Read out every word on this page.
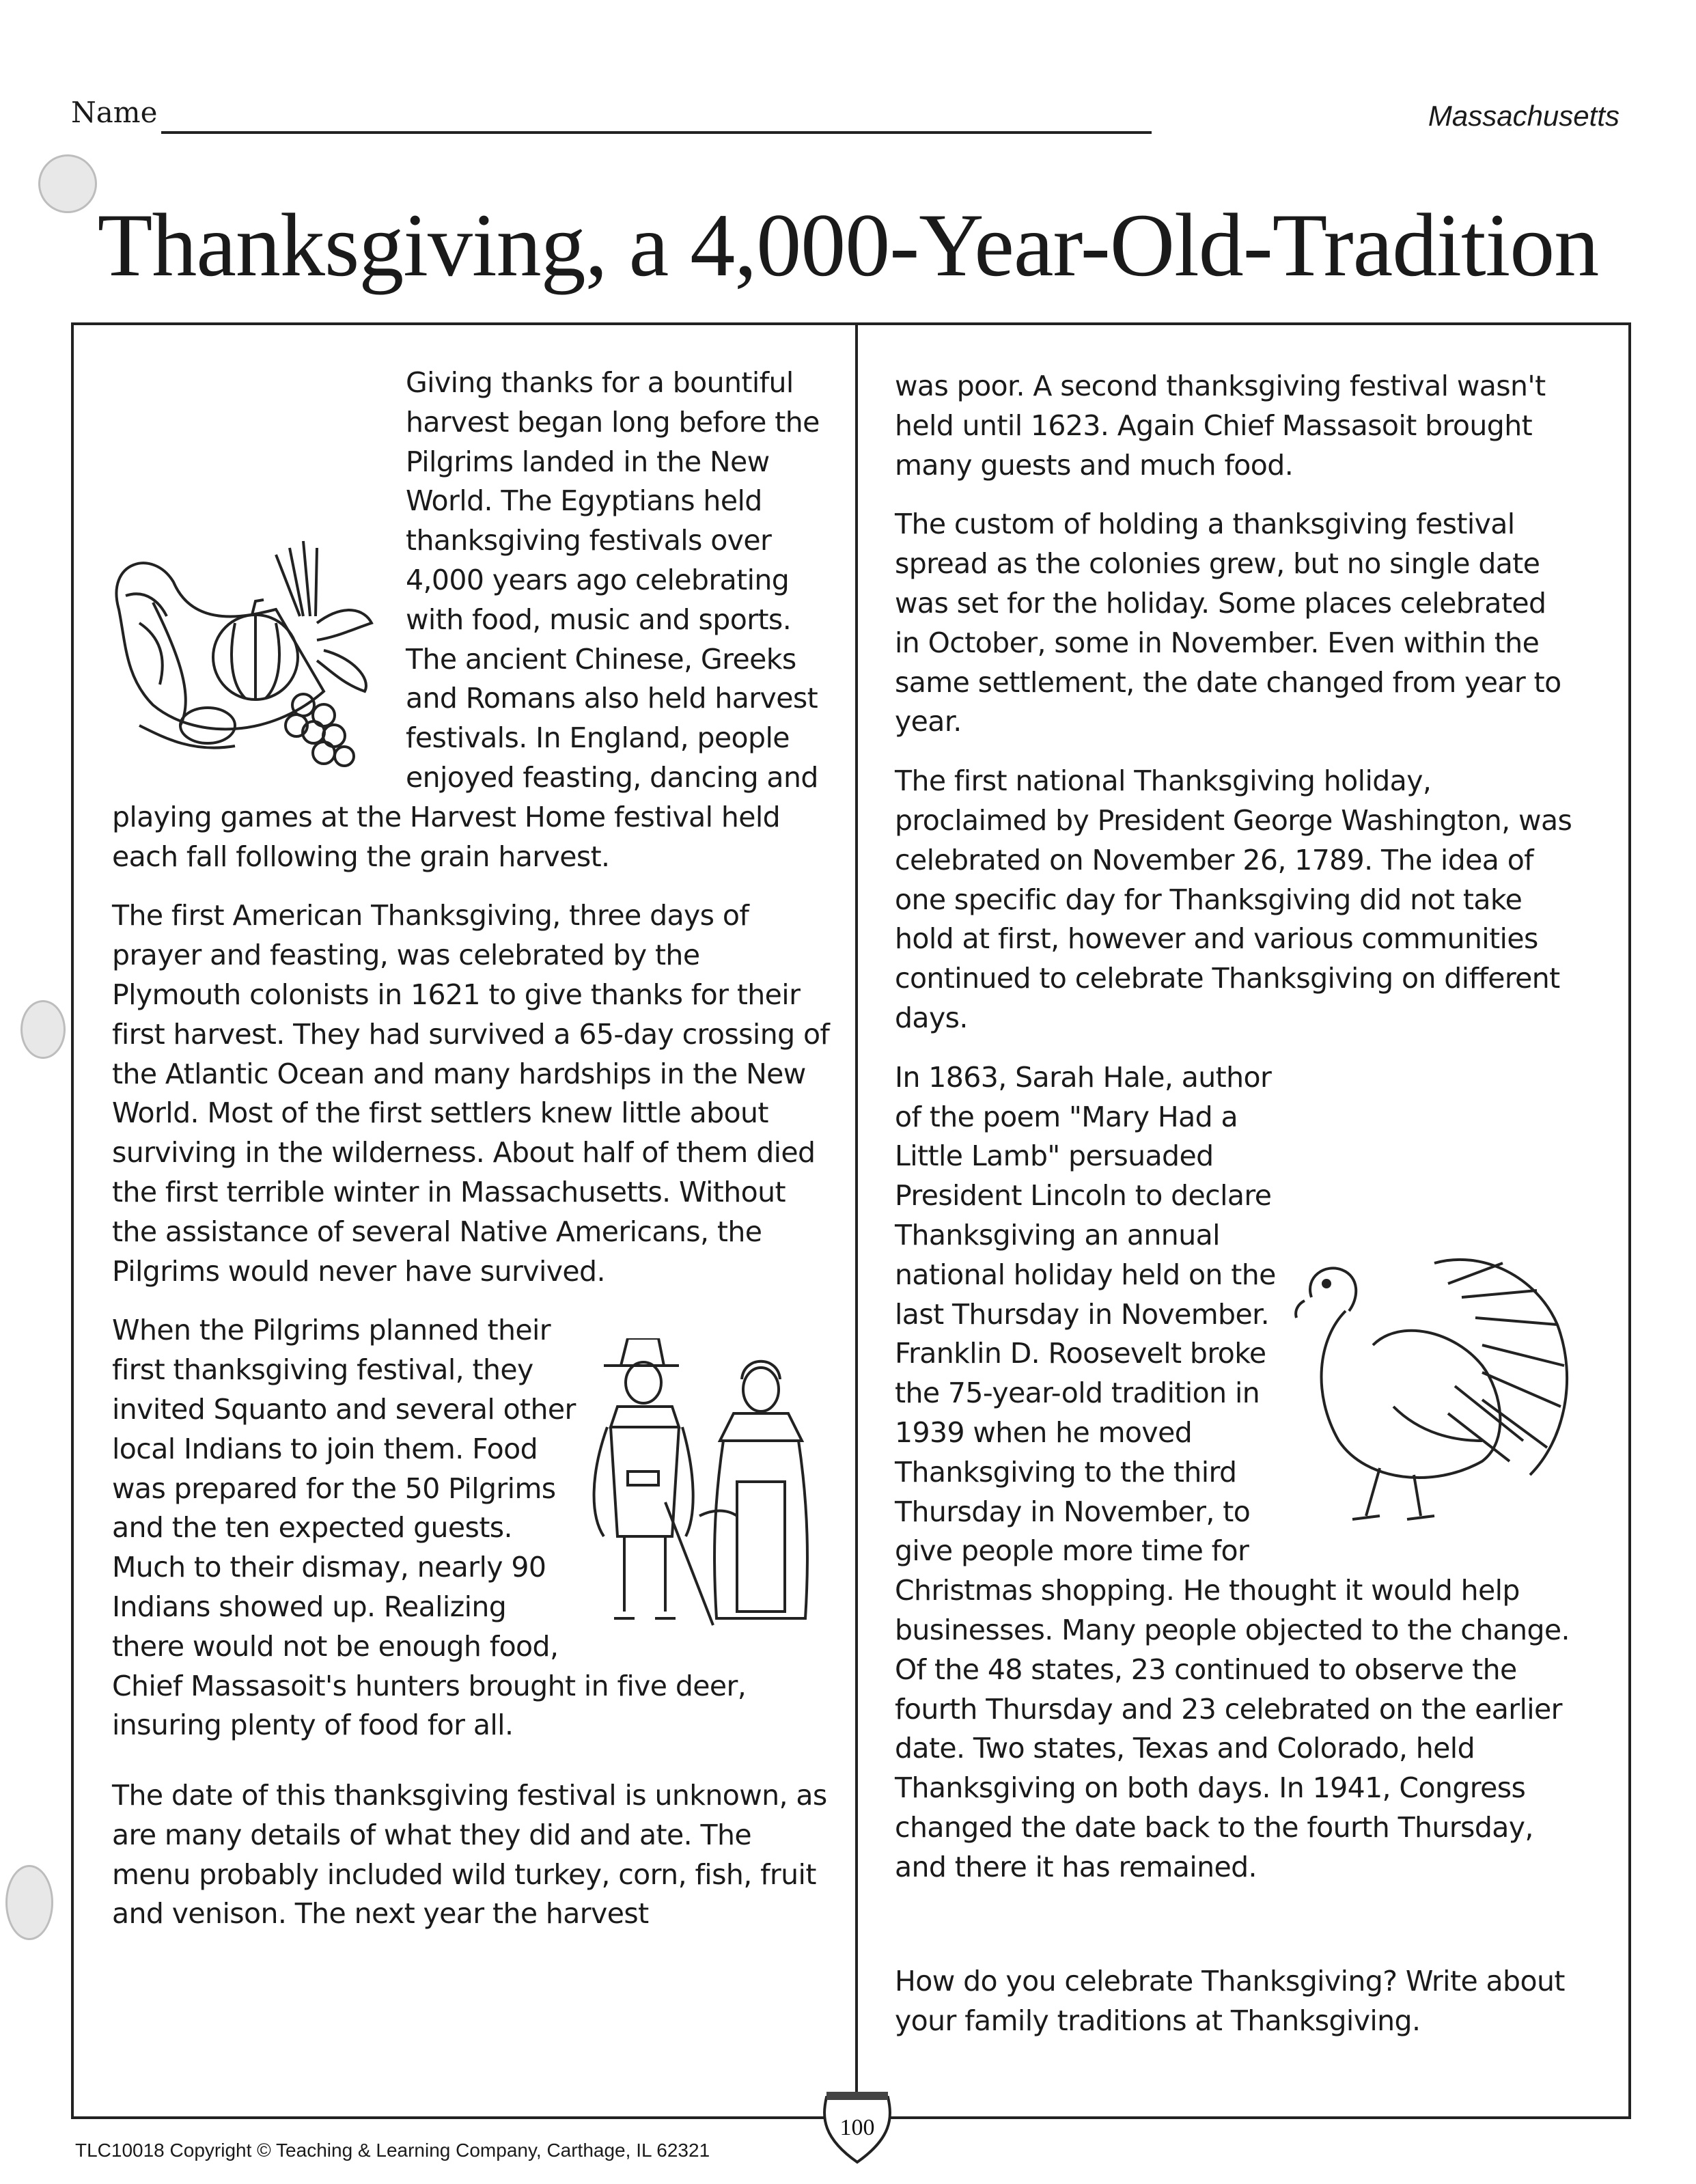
Name	Massachusetts
Thanksgiving, a 4,000-Year-Old-Tradition

Giving thanks for a bountiful harvest began long before the Pilgrims landed in the New World. The Egyptians held thanksgiving festivals over 4,000 years ago celebrating with food, music and sports. The ancient Chinese, Greeks and Romans also held harvest festivals. In England, people enjoyed feasting, dancing and playing games at the Harvest Home festival held each fall following the grain harvest.

The first American Thanksgiving, three days of prayer and feasting, was celebrated by the Plymouth colonists in 1621 to give thanks for their first harvest. They had survived a 65-day crossing of the Atlantic Ocean and many hardships in the New World. Most of the first settlers knew little about surviving in the wilderness. About half of them died the first terrible winter in Massachusetts. Without the assistance of several Native Americans, the Pilgrims would never have survived.

When the Pilgrims planned their first thanksgiving festival, they invited Squanto and several other local Indians to join them. Food was prepared for the 50 Pilgrims and the ten expected guests. Much to their dismay, nearly 90 Indians showed up. Realizing there would not be enough food, Chief Massasoit's hunters brought in five deer, insuring plenty of food for all.

The date of this thanksgiving festival is unknown, as are many details of what they did and ate. The menu probably included wild turkey, corn, fish, fruit and venison. The next year the harvest

was poor. A second thanksgiving festival wasn't held until 1623. Again Chief Massasoit brought many guests and much food.

The custom of holding a thanksgiving festival spread as the colonies grew, but no single date was set for the holiday. Some places celebrated in October, some in November. Even within the same settlement, the date changed from year to year.

The first national Thanksgiving holiday, proclaimed by President George Washington, was celebrated on November 26, 1789. The idea of one specific day for Thanksgiving did not take hold at first, however and various communities continued to celebrate Thanksgiving on different days.

In 1863, Sarah Hale, author of the poem "Mary Had a Little Lamb" persuaded President Lincoln to declare Thanksgiving an annual national holiday held on the last Thursday in November. Franklin D. Roosevelt broke the 75-year-old tradition in 1939 when he moved Thanksgiving to the third Thursday in November, to give people more time for Christmas shopping. He thought it would help businesses. Many people objected to the change. Of the 48 states, 23 continued to observe the fourth Thursday and 23 celebrated on the earlier date. Two states, Texas and Colorado, held Thanksgiving on both days. In 1941, Congress changed the date back to the fourth Thursday, and there it has remained.

How do you celebrate Thanksgiving? Write about your family traditions at Thanksgiving.

100
TLC10018 Copyright © Teaching & Learning Company, Carthage, IL 62321
